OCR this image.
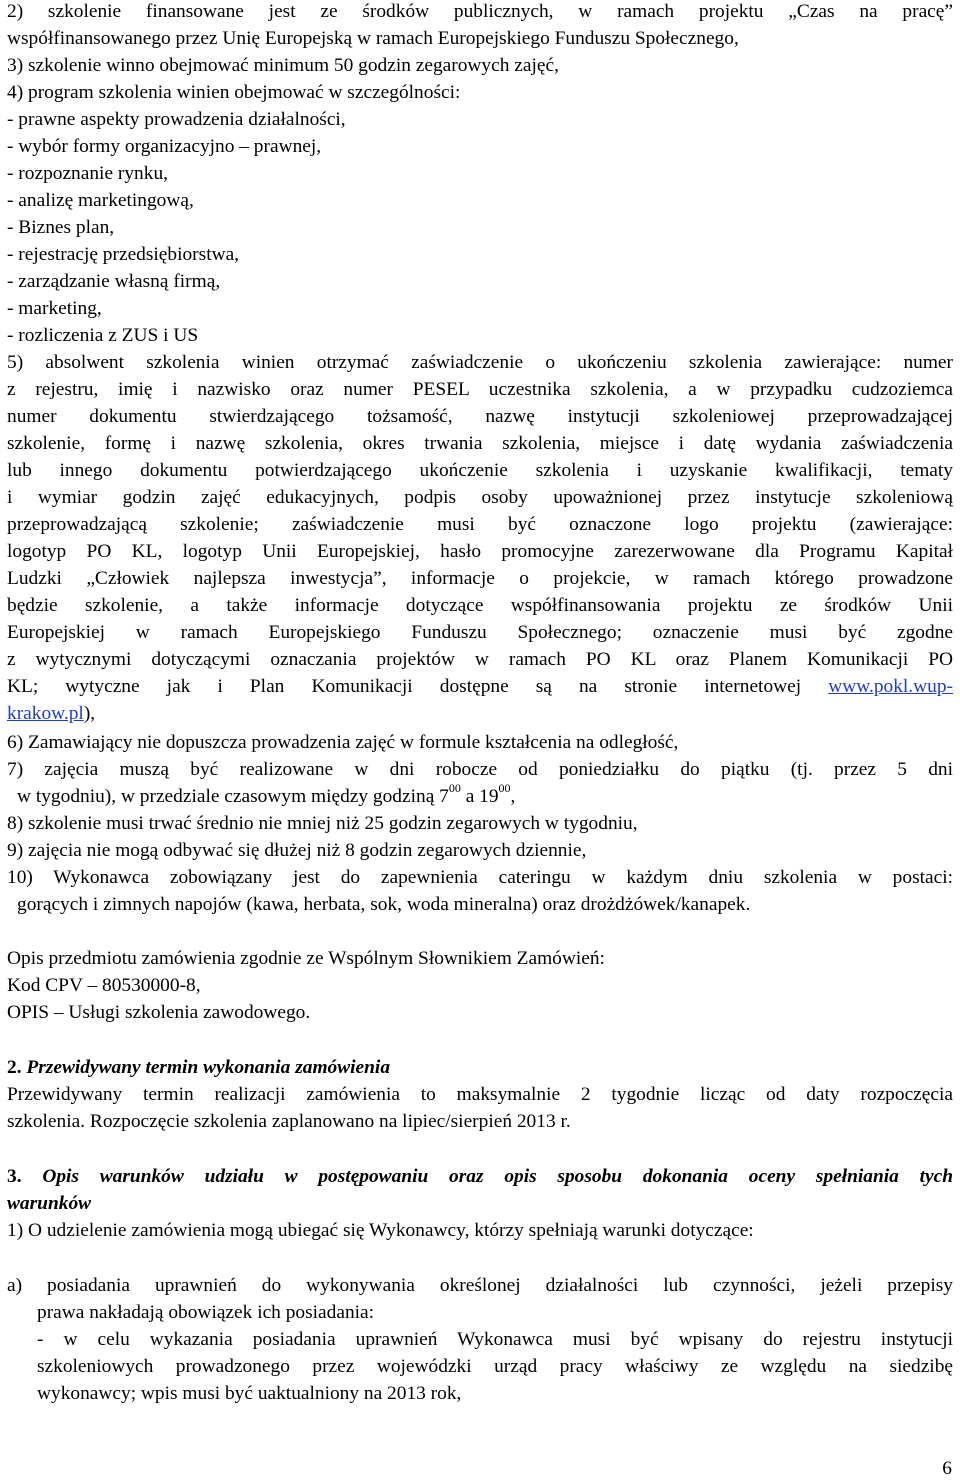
2) szkolenie finansowane jest ze środków publicznych, w ramach projektu „Czas na pracę”
współfinansowanego przez Unię Europejską w ramach Europejskiego Funduszu Społecznego,
3) szkolenie winno obejmować minimum 50 godzin zegarowych zajęć,
4) program szkolenia winien obejmować w szczególności:
- prawne aspekty prowadzenia działalności,
- wybór formy organizacyjno – prawnej,
- rozpoznanie rynku,
- analizę marketingową,
- Biznes plan,
- rejestrację przedsiębiorstwa,
- zarządzanie własną firmą,
- marketing,
- rozliczenia z ZUS i US
5) absolwent szkolenia winien otrzymać zaświadczenie o ukończeniu szkolenia zawierające: numer
z rejestru, imię i nazwisko oraz numer PESEL uczestnika szkolenia, a w przypadku cudzoziemca
numer dokumentu stwierdzającego tożsamość, nazwę instytucji szkoleniowej przeprowadzającej
szkolenie, formę i nazwę szkolenia, okres trwania szkolenia, miejsce i datę wydania zaświadczenia
lub innego dokumentu potwierdzającego ukończenie szkolenia i uzyskanie kwalifikacji, tematy
i wymiar godzin zajęć edukacyjnych, podpis osoby upoważnionej przez instytucje szkoleniową
przeprowadzającą szkolenie; zaświadczenie musi być oznaczone logo projektu (zawierające:
logotyp PO KL, logotyp Unii Europejskiej, hasło promocyjne zarezerwowane dla Programu Kapitał
Ludzki „Człowiek najlepsza inwestycja”, informacje o projekcie, w ramach którego prowadzone
będzie szkolenie, a także informacje dotyczące współfinansowania projektu ze środków Unii
Europejskiej w ramach Europejskiego Funduszu Społecznego; oznaczenie musi być zgodne
z wytycznymi dotyczącymi oznaczania projektów w ramach PO KL oraz Planem Komunikacji PO
KL; wytyczne jak i Plan Komunikacji dostępne są na stronie internetowej www.pokl.wup-
krakow.pl),
6) Zamawiający nie dopuszcza prowadzenia zajęć w formule kształcenia na odległość,
7) zajęcia muszą być realizowane w dni robocze od poniedziałku do piątku (tj. przez 5 dni
w tygodniu), w przedziale czasowym między godziną $7^{00}$ a $19^{00}$,
8) szkolenie musi trwać średnio nie mniej niż 25 godzin zegarowych w tygodniu,
9) zajęcia nie mogą odbywać się dłużej niż 8 godzin zegarowych dziennie,
10) Wykonawca zobowiązany jest do zapewnienia cateringu w każdym dniu szkolenia w postaci:
gorących i zimnych napojów (kawa, herbata, sok, woda mineralna) oraz drożdżówek/kanapek.
Opis przedmiotu zamówienia zgodnie ze Wspólnym Słownikiem Zamówień:
Kod CPV – 80530000-8,
OPIS – Usługi szkolenia zawodowego.
2. Przewidywany termin wykonania zamówienia
Przewidywany termin realizacji zamówienia to maksymalnie 2 tygodnie licząc od daty rozpoczęcia
szkolenia. Rozpoczęcie szkolenia zaplanowano na lipiec/sierpień 2013 r.
3. Opis warunków udziału w postępowaniu oraz opis sposobu dokonania oceny spełniania tych
warunków
1) O udzielenie zamówienia mogą ubiegać się Wykonawcy, którzy spełniają warunki dotyczące:
a) posiadania uprawnień do wykonywania określonej działalności lub czynności, jeżeli przepisy
prawa nakładają obowiązek ich posiadania:
- w celu wykazania posiadania uprawnień Wykonawca musi być wpisany do rejestru instytucji
szkoleniowych prowadzonego przez wojewódzki urząd pracy właściwy ze względu na siedzibę
wykonawcy; wpis musi być uaktualniony na 2013 rok,
6
